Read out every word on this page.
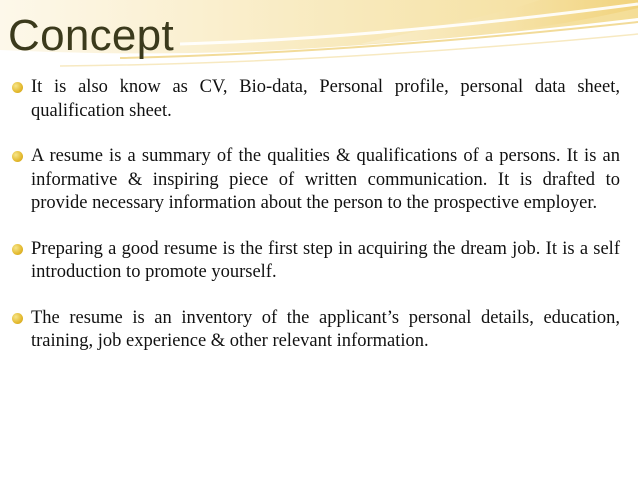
Concept
It is also know as CV, Bio-data, Personal profile, personal data sheet, qualification sheet.
A resume is a summary of the qualities & qualifications of a persons. It is an informative & inspiring piece of written communication. It is drafted to provide necessary information about the person to the prospective employer.
Preparing a good resume is the first step in acquiring the dream job. It is a self introduction to promote yourself.
The resume is an inventory of the applicant’s personal details, education, training, job experience & other relevant information.
